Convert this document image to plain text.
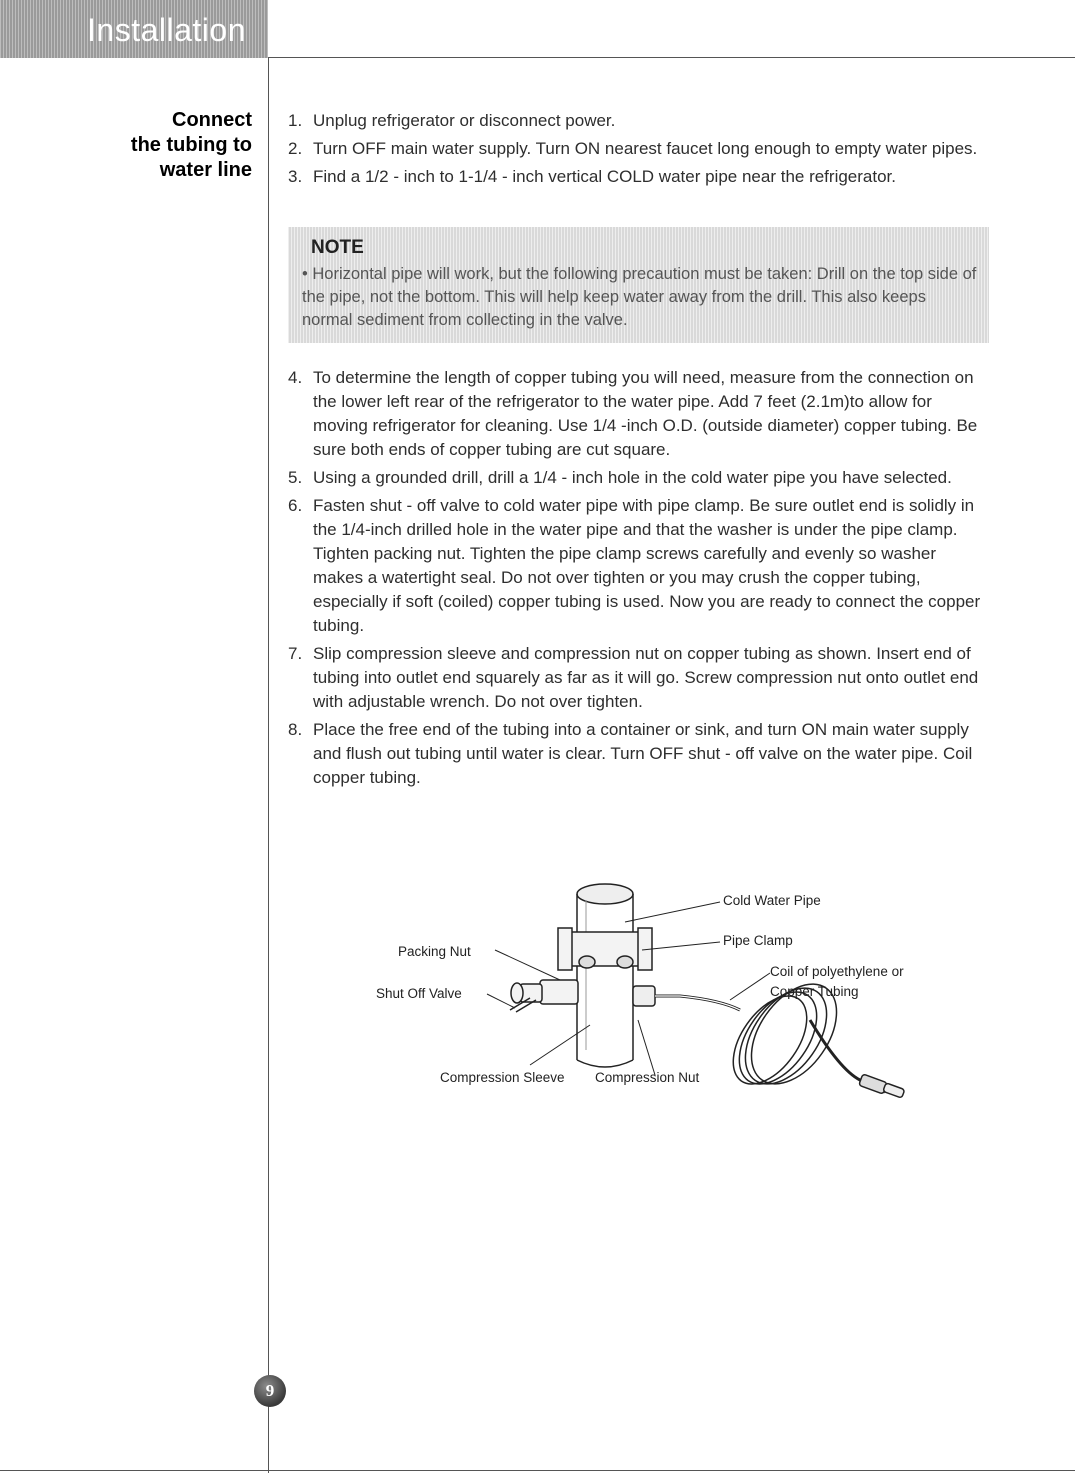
Installation
Connect
the tubing to
water line
1. Unplug refrigerator or disconnect power.
2. Turn OFF main water supply. Turn ON nearest faucet long enough to empty water pipes.
3. Find a 1/2 - inch to 1-1/4 - inch vertical COLD water pipe near the refrigerator.
NOTE
• Horizontal pipe will work, but the following precaution must be taken: Drill on the top side of the pipe, not the bottom. This will help keep water away from the drill. This also keeps normal sediment from collecting in the valve.
4. To determine the length of copper tubing you will need, measure from the connection on the lower left rear of the refrigerator to the water pipe. Add 7 feet (2.1m)to allow for moving refrigerator for cleaning. Use 1/4 -inch O.D. (outside diameter) copper tubing. Be sure both ends of copper tubing are cut square.
5. Using a grounded drill, drill a 1/4 - inch hole in the cold water pipe you have selected.
6. Fasten shut - off valve to cold water pipe with pipe clamp. Be sure outlet end is solidly in the 1/4-inch drilled hole in the water pipe and that the washer is under the pipe clamp. Tighten packing nut. Tighten the pipe clamp screws carefully and evenly so washer makes a watertight seal. Do not over tighten or you may crush the copper tubing, especially if soft (coiled) copper tubing is used. Now you are ready to connect the copper tubing.
7. Slip compression sleeve and compression nut on copper tubing as shown. Insert end of tubing into outlet end squarely as far as it will go. Screw compression nut onto outlet end with adjustable wrench. Do not over tighten.
8. Place the free end of the tubing into a container or sink, and turn ON main water supply and flush out tubing until water is clear. Turn OFF shut - off valve on the water pipe. Coil copper tubing.
Cold Water Pipe
Pipe Clamp
Packing Nut
Coil of polyethylene or
Copper Tubing
Shut Off Valve
Compression Sleeve Compression Nut
9
